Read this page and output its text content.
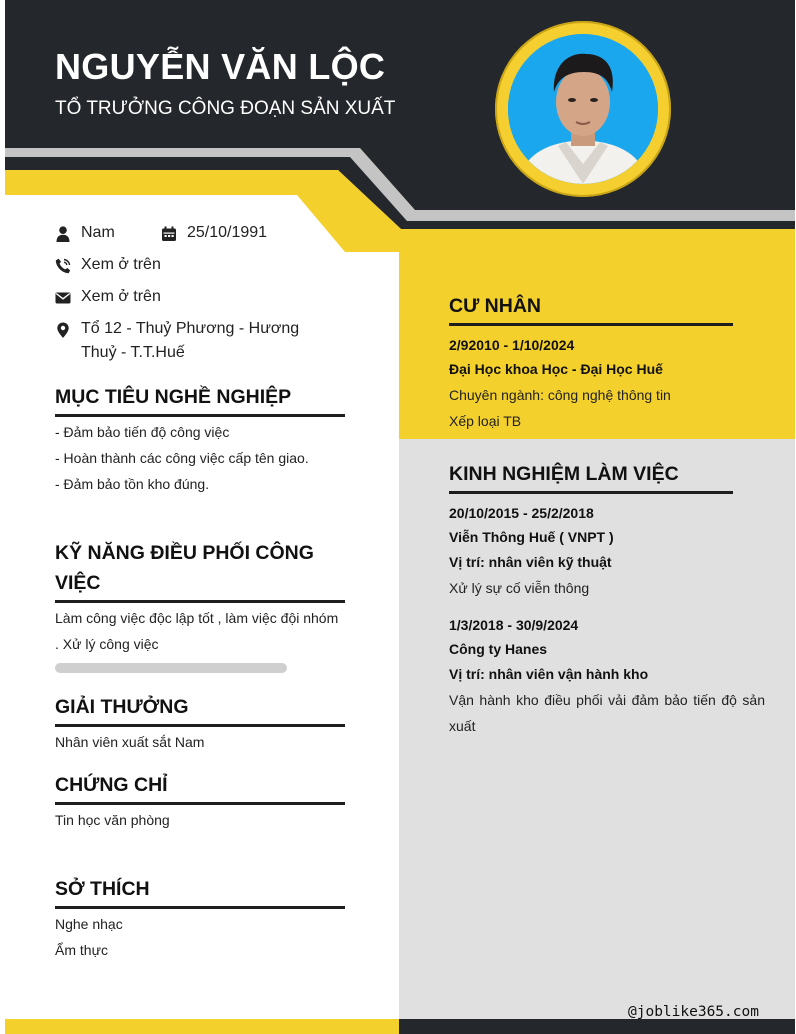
NGUYỄN VĂN LỘC
TỔ TRƯỞNG CÔNG ĐOẠN SẢN XUẤT
Nam	25/10/1991
Xem ở trên
Xem ở trên
Tổ 12 - Thuỷ Phương - Hương
Thuỷ - T.T.Huế
MỤC TIÊU NGHỀ NGHIỆP
- Đảm bảo tiến độ công việc
- Hoàn thành các công việc cấp tên giao.
- Đảm bảo tồn kho đúng.
KỸ NĂNG ĐIỀU PHỐI CÔNG
VIỆC
Làm công việc độc lập tốt , làm việc đội nhóm
. Xử lý công việc
GIẢI THƯỞNG
Nhân viên xuất sắt Nam
CHỨNG CHỈ
Tin học văn phòng
SỞ THÍCH
Nghe nhạc
Ẩm thực
CƯ NHÂN
2/92010 - 1/10/2024
Đại Học khoa Học - Đại Học Huế
Chuyên ngành: công nghệ thông tin
Xếp loại TB
KINH NGHIỆM LÀM VIỆC
20/10/2015 - 25/2/2018
Viễn Thông Huế ( VNPT )
Vị trí: nhân viên kỹ thuật
Xử lý sự cố viễn thông
1/3/2018 - 30/9/2024
Công ty Hanes
Vị trí: nhân viên vận hành kho
Vận hành kho điều phối vải đảm bảo tiến độ sản xuất
@joblike365.com
